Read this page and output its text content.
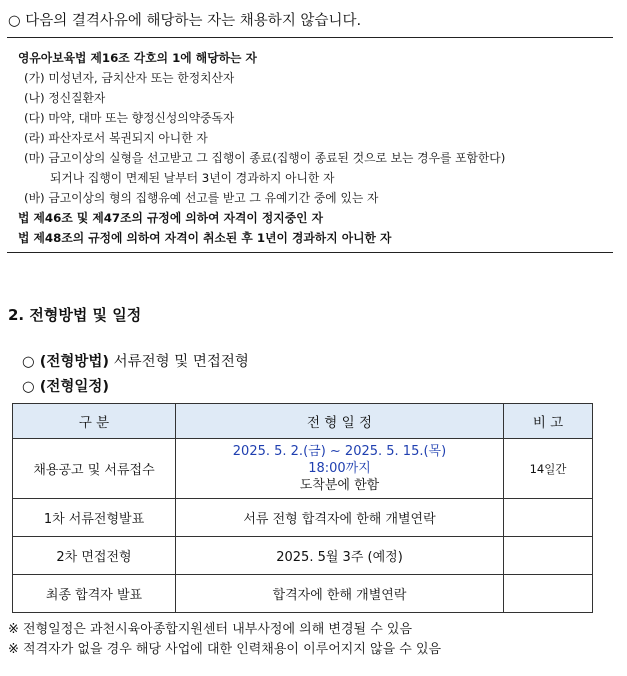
○ 다음의 결격사유에 해당하는 자는 채용하지 않습니다.
영유아보육법 제16조 각호의 1에 해당하는 자
(가) 미성년자, 금치산자 또는 한정치산자
(나) 정신질환자
(다) 마약, 대마 또는 향정신성의약중독자
(라) 파산자로서 복권되지 아니한 자
(마) 금고이상의 실형을 선고받고 그 집행이 종료(집행이 종료된 것으로 보는 경우를 포함한다)
되거나 집행이 면제된 날부터 3년이 경과하지 아니한 자
(바) 금고이상의 형의 집행유예 선고를 받고 그 유예기간 중에 있는 자
법 제46조 및 제47조의 규정에 의하여 자격이 정지중인 자
법 제48조의 규정에 의하여 자격이 취소된 후 1년이 경과하지 아니한 자
2. 전형방법 및 일정
○ (전형방법) 서류전형 및 면접전형
○ (전형일정)
구 분	전 형 일 정	비 고
채용공고 및 서류접수	2025. 5. 2.(금) ~ 2025. 5. 15.(목)
18:00까지
도착분에 한함	14일간
1차 서류전형발표	서류 전형 합격자에 한해 개별연락	
2차 면접전형	2025. 5월 3주 (예정)	
최종 합격자 발표	합격자에 한해 개별연락	
※ 전형일정은 과천시육아종합지원센터 내부사정에 의해 변경될 수 있음
※ 적격자가 없을 경우 해당 사업에 대한 인력채용이 이루어지지 않을 수 있음
